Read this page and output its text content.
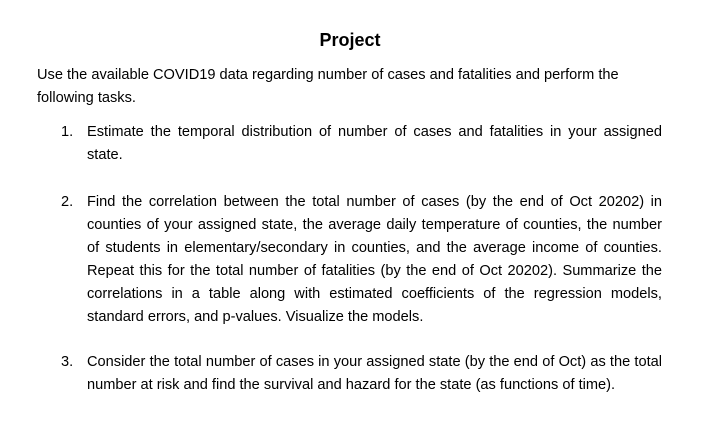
Project
Use the available COVID19 data regarding number of cases and fatalities and perform the following tasks.
1. Estimate the temporal distribution of number of cases and fatalities in your assigned state.
2. Find the correlation between the total number of cases (by the end of Oct 20202) in counties of your assigned state, the average daily temperature of counties, the number of students in elementary/secondary in counties, and the average income of counties. Repeat this for the total number of fatalities (by the end of Oct 20202). Summarize the correlations in a table along with estimated coefficients of the regression models, standard errors, and p-values. Visualize the models.
3. Consider the total number of cases in your assigned state (by the end of Oct) as the total number at risk and find the survival and hazard for the state (as functions of time).
